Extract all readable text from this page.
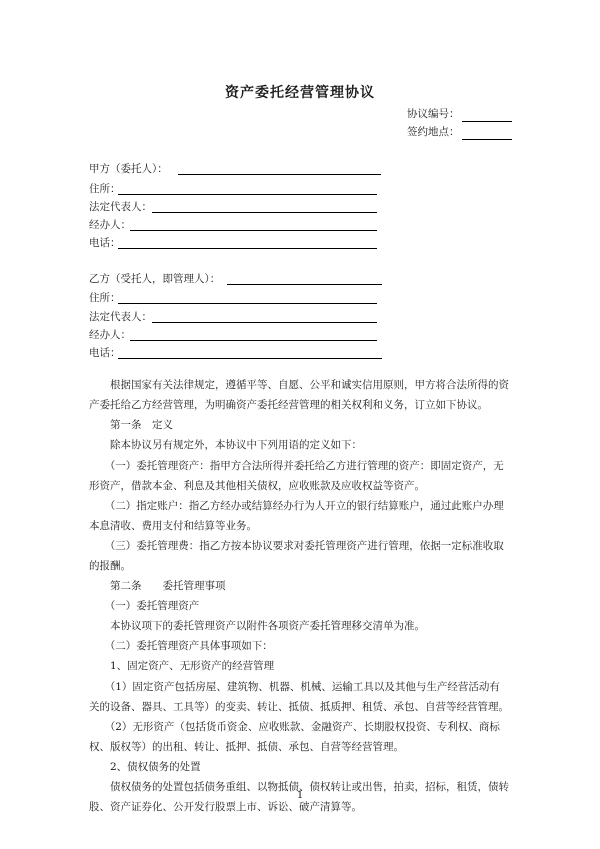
资产委托经营管理协议
协议编号：
签约地点：
甲方（委托人）：
住所：
法定代表人：
经办人：
电话：
乙方（受托人，即管理人）：
住所：
法定代表人：
经办人：
电话：
　　根据国家有关法律规定，遵循平等、自愿、公平和诚实信用原则，甲方将合法所得的资
产委托给乙方经营管理，为明确资产委托经营管理的相关权利和义务，订立如下协议。
　　第一条　定义
　　除本协议另有规定外，本协议中下列用语的定义如下：
　　（一）委托管理资产：指甲方合法所得并委托给乙方进行管理的资产：即固定资产，无
形资产，借款本金、利息及其他相关债权，应收账款及应收权益等资产。
　　（二）指定账户：指乙方经办或结算经办行为人开立的银行结算账户，通过此账户办理
本息清收、费用支付和结算等业务。
　　（三）委托管理费：指乙方按本协议要求对委托管理资产进行管理，依据一定标准收取
的报酬。
　　第二条　　委托管理事项
　　（一）委托管理资产
　　本协议项下的委托管理资产以附件各项资产委托管理移交清单为准。
　　（二）委托管理资产具体事项如下：
　　1、固定资产、无形资产的经营管理
　　（1）固定资产包括房屋、建筑物、机器、机械、运输工具以及其他与生产经营活动有
关的设备、器具、工具等）的变卖、转让、抵债、抵质押、租赁、承包、自营等经营管理。
　　（2）无形资产（包括货币资金、应收账款、金融资产、长期股权投资、专利权、商标
权、版权等）的出租、转让、抵押、抵债、承包、自营等经营管理。
　　2、债权债务的处置
　　债权债务的处置包括债务重组、以物抵债、债权转让或出售，拍卖，招标，租赁，债转
股、资产证券化、公开发行股票上市、诉讼、破产清算等。
1
